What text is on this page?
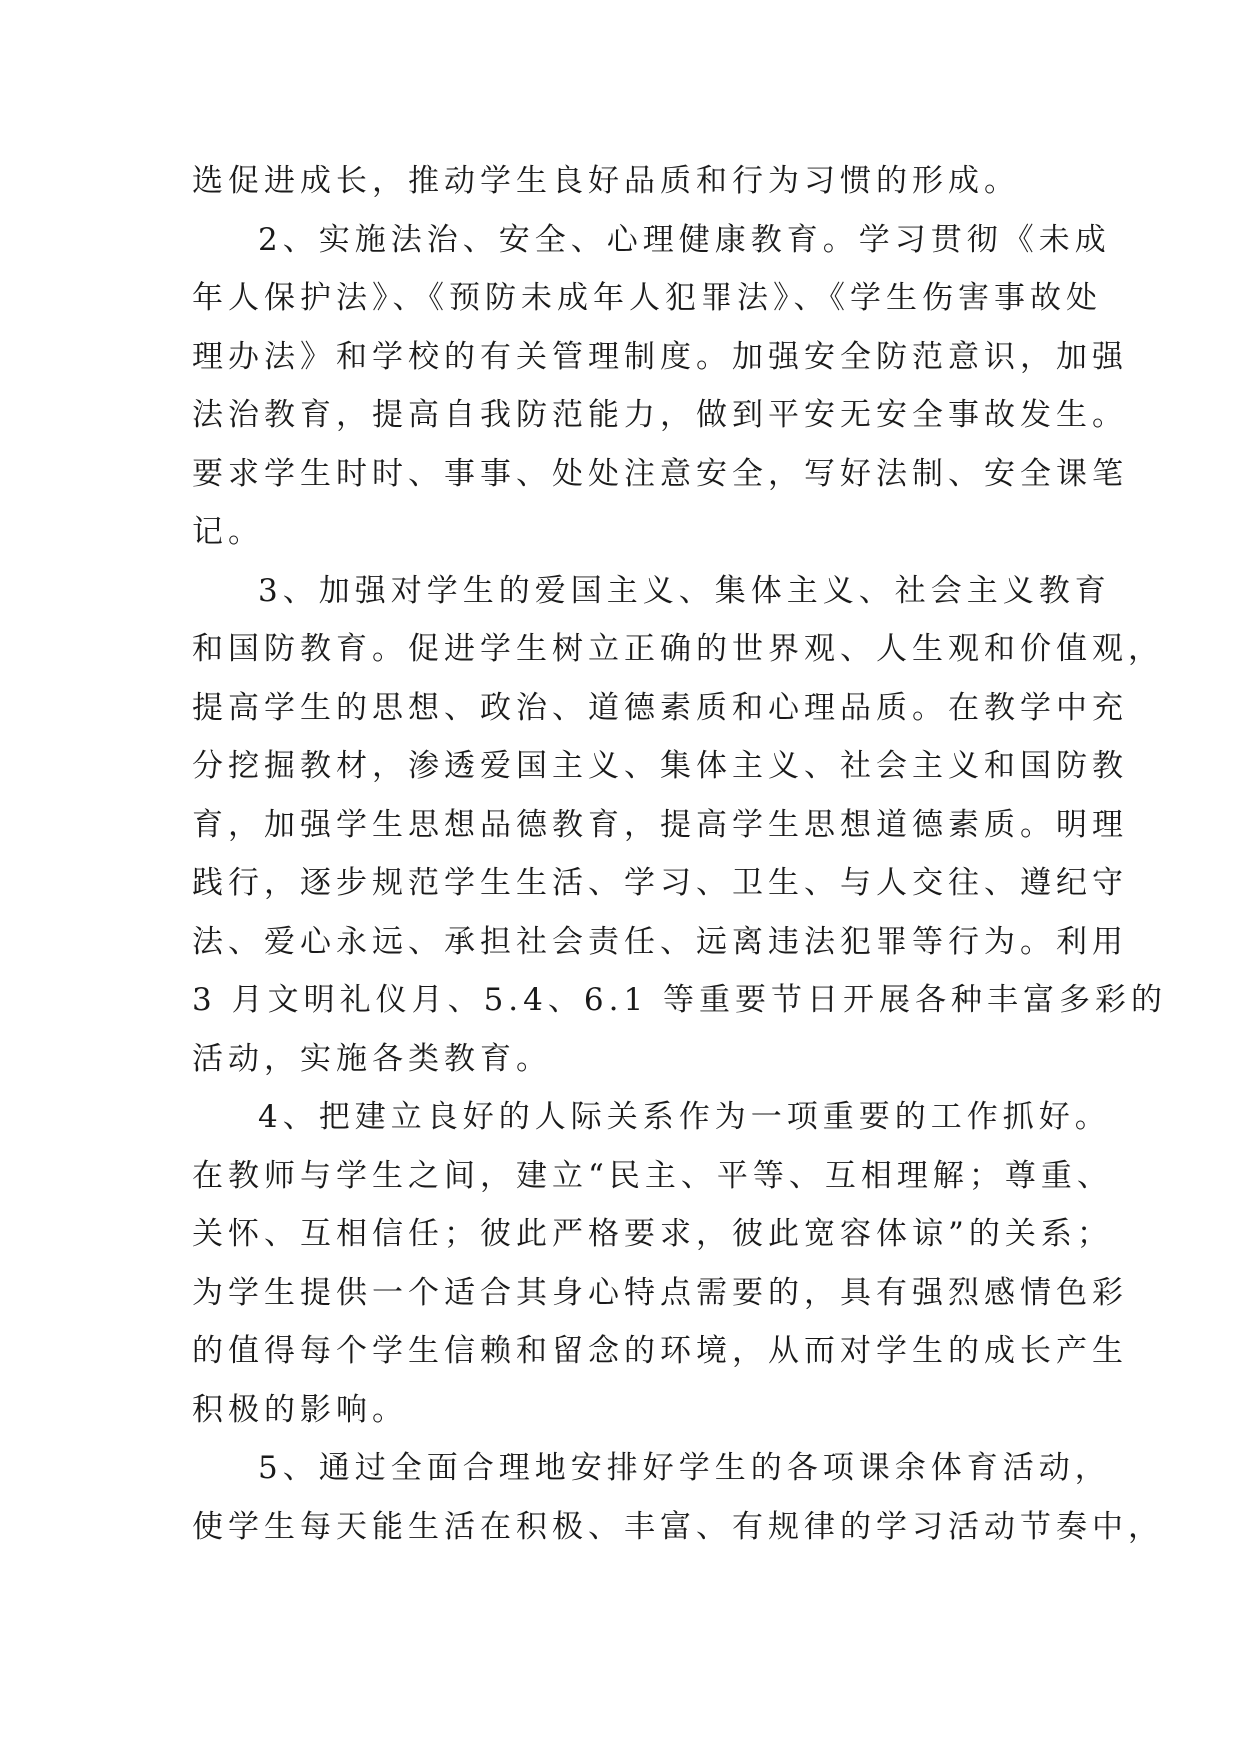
选促进成长，推动学生良好品质和行为习惯的形成。
2、实施法治、安全、心理健康教育。学习贯彻《未成
年人保护法》、《预防未成年人犯罪法》、《学生伤害事故处
理办法》和学校的有关管理制度。加强安全防范意识，加强
法治教育，提高自我防范能力，做到平安无安全事故发生。
要求学生时时、事事、处处注意安全，写好法制、安全课笔
记。
3、加强对学生的爱国主义、集体主义、社会主义教育
和国防教育。促进学生树立正确的世界观、人生观和价值观，
提高学生的思想、政治、道德素质和心理品质。在教学中充
分挖掘教材，渗透爱国主义、集体主义、社会主义和国防教
育，加强学生思想品德教育，提高学生思想道德素质。明理
践行，逐步规范学生生活、学习、卫生、与人交往、遵纪守
法、爱心永远、承担社会责任、远离违法犯罪等行为。利用
3 月文明礼仪月、5.4、6.1 等重要节日开展各种丰富多彩的
活动，实施各类教育。
4、把建立良好的人际关系作为一项重要的工作抓好。
在教师与学生之间，建立“民主、平等、互相理解；尊重、
关怀、互相信任；彼此严格要求，彼此宽容体谅”的关系；
为学生提供一个适合其身心特点需要的，具有强烈感情色彩
的值得每个学生信赖和留念的环境，从而对学生的成长产生
积极的影响。
5、通过全面合理地安排好学生的各项课余体育活动，
使学生每天能生活在积极、丰富、有规律的学习活动节奏中，
